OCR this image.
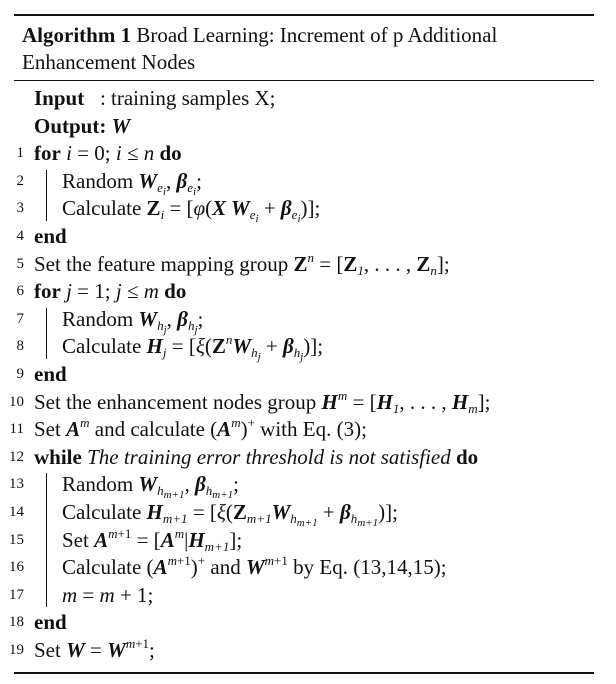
Algorithm 1 Broad Learning: Increment of p Additional Enhancement Nodes
Input : training samples X;
Output: W
1 for i = 0; i ≤ n do
2 Random $W_{e_i}$, $\beta_{e_i}$;
3 Calculate $Z_i = [\varphi(X$ $W_{e_i} + \beta_{e_i}$)];
4 end
5 Set the feature mapping group $Z^n = [Z_1$, . . . , $Z_n$];
6 for j = 1; j ≤ m do
7 Random $W_{h_j}$, $\beta_{h_j}$;
8 Calculate $H_j = [\xi(Z^nW_{h_j} + \beta_{h_j})]$;
9 end
10 Set the enhancement nodes group $H^m = [H_1$, . . . , $H_m$];
11 Set $A^m$ and calculate $(A^m)^+$ with Eq. (3);
12 while The training error threshold is not satisfied do
13 Random $W_{h_{m+1}}$, $\beta_{h_{m+1}}$;
14 Calculate $H_{m+1} = [\xi(Z_{m+1}W_{h_{m+1}} + \beta_{h_{m+1}})]$;
15 Set $A^{m+1} = [A^m|H_{m+1}]$;
16 Calculate $(A^{m+1})^+$ and $W^{m+1}$ by Eq. (13,14,15);
17 m = m + 1;
18 end
19 Set $W = W^{m+1}$;
